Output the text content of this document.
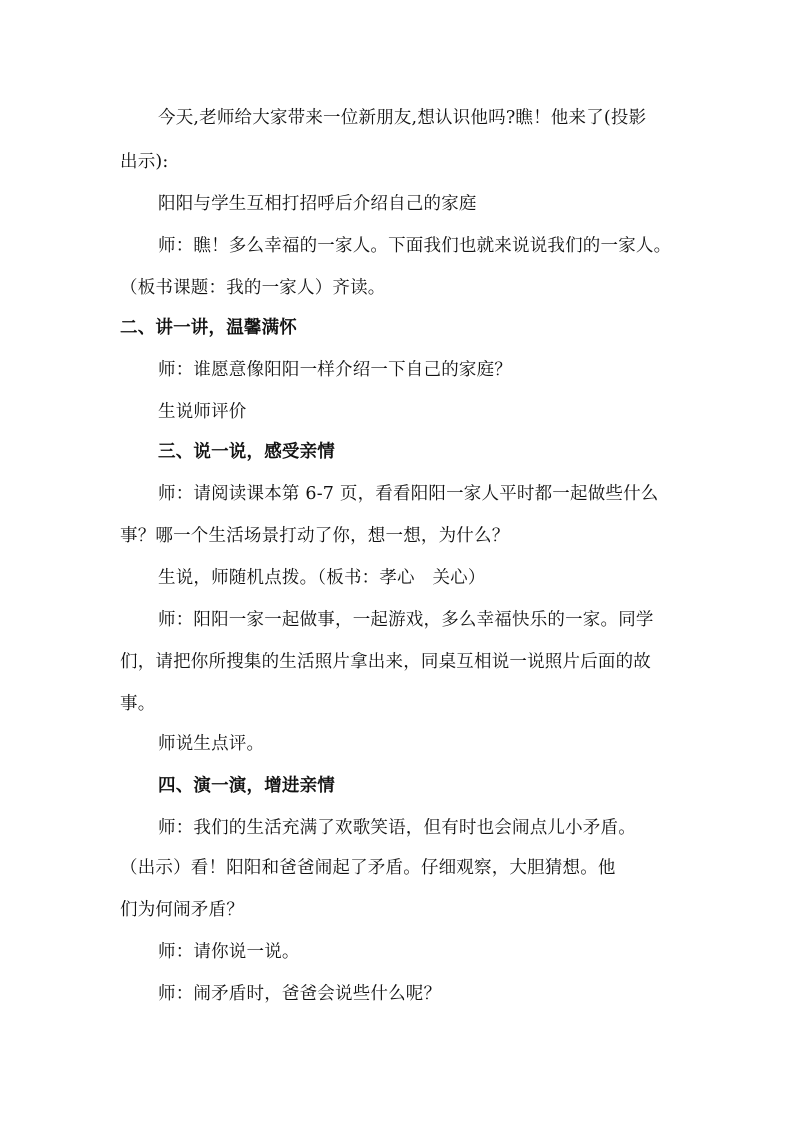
今天,老师给大家带来一位新朋友,想认识他吗?瞧！他来了(投影
出示):
阳阳与学生互相打招呼后介绍自己的家庭
师：瞧！多么幸福的一家人。下面我们也就来说说我们的一家人。
（板书课题：我的一家人）齐读。
二、讲一讲，温馨满怀
师：谁愿意像阳阳一样介绍一下自己的家庭？
生说师评价
三、说一说，感受亲情
师：请阅读课本第 6-7 页，看看阳阳一家人平时都一起做些什么
事？哪一个生活场景打动了你，想一想，为什么？
生说，师随机点拨。（板书：孝心　关心）
师：阳阳一家一起做事，一起游戏，多么幸福快乐的一家。同学
们，请把你所搜集的生活照片拿出来，同桌互相说一说照片后面的故
事。
师说生点评。
四、演一演，增进亲情
师：我们的生活充满了欢歌笑语，但有时也会闹点儿小矛盾。
（出示）看！阳阳和爸爸闹起了矛盾。仔细观察，大胆猜想。他
们为何闹矛盾？
师：请你说一说。
师：闹矛盾时，爸爸会说些什么呢？
